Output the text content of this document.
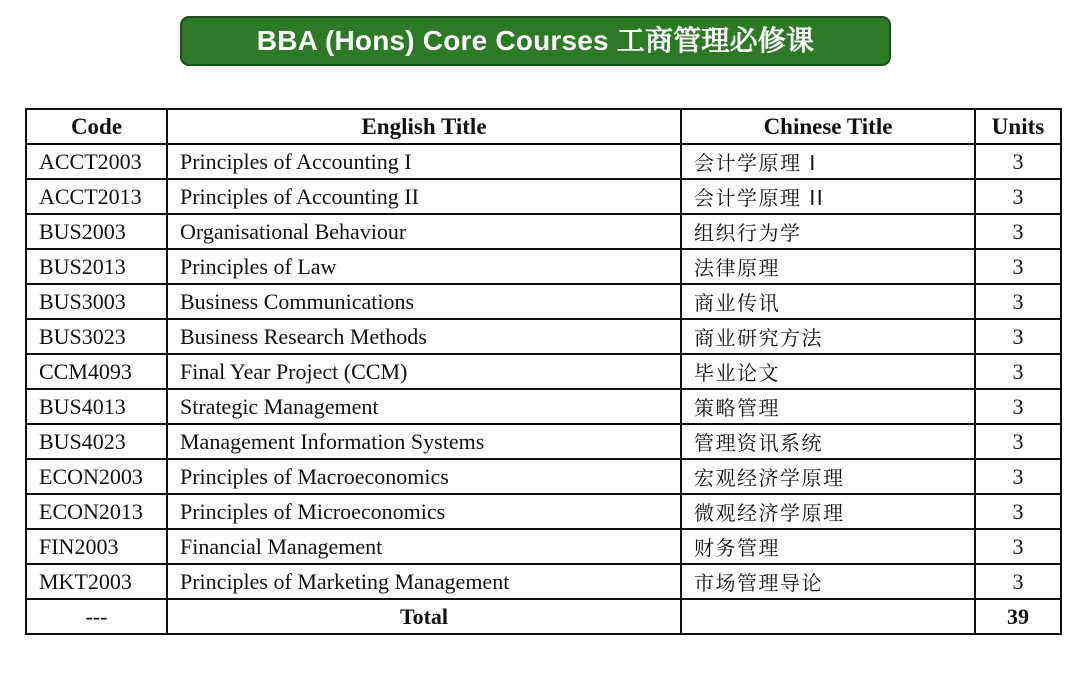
BBA (Hons) Core Courses 工商管理必修课
Code	English Title	Chinese Title	Units
ACCT2003	Principles of Accounting I	会计学原理 I	3
ACCT2013	Principles of Accounting II	会计学原理 II	3
BUS2003	Organisational Behaviour	组织行为学	3
BUS2013	Principles of Law	法律原理	3
BUS3003	Business Communications	商业传讯	3
BUS3023	Business Research Methods	商业研究方法	3
CCM4093	Final Year Project (CCM)	毕业论文	3
BUS4013	Strategic Management	策略管理	3
BUS4023	Management Information Systems	管理资讯系统	3
ECON2003	Principles of Macroeconomics	宏观经济学原理	3
ECON2013	Principles of Microeconomics	微观经济学原理	3
FIN2003	Financial Management	财务管理	3
MKT2003	Principles of Marketing Management	市场管理导论	3
---	Total		39
